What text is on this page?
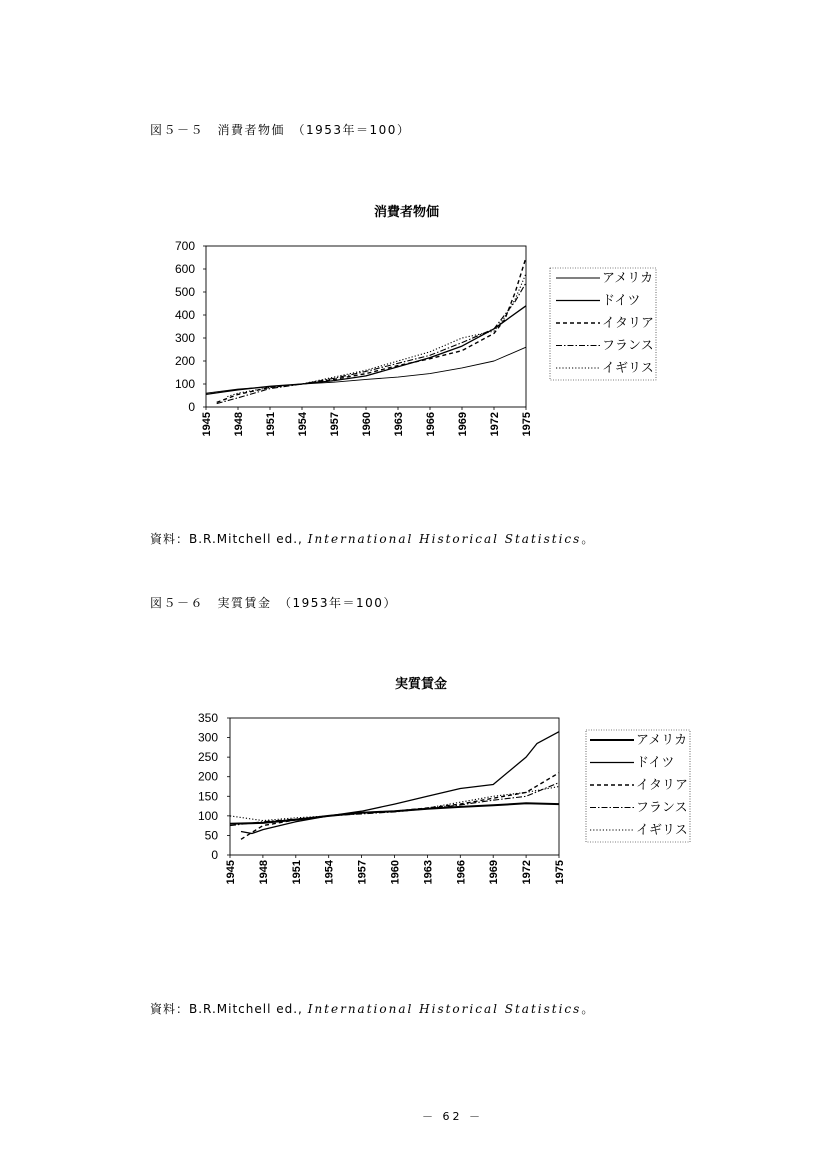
図５－５　消費者物価　（1953年＝100）
消費者物価
資料：B.R.Mitchell ed., International Historical Statistics。
図５－６　実質賃金　（1953年＝100）
実質賃金
資料：B.R.Mitchell ed., International Historical Statistics。
－ 62 －
0
100
200
300
400
500
600
700
1945 1948 1951 1954 1957 1960 1963 1966 1969 1972 1975
アメリカ
ドイツ
イタリア
フランス
イギリス
0
50
100
150
200
250
300
350
1945 1948 1951 1954 1957 1960 1963 1966 1969 1972 1975
アメリカ
ドイツ
イタリア
フランス
イギリス
